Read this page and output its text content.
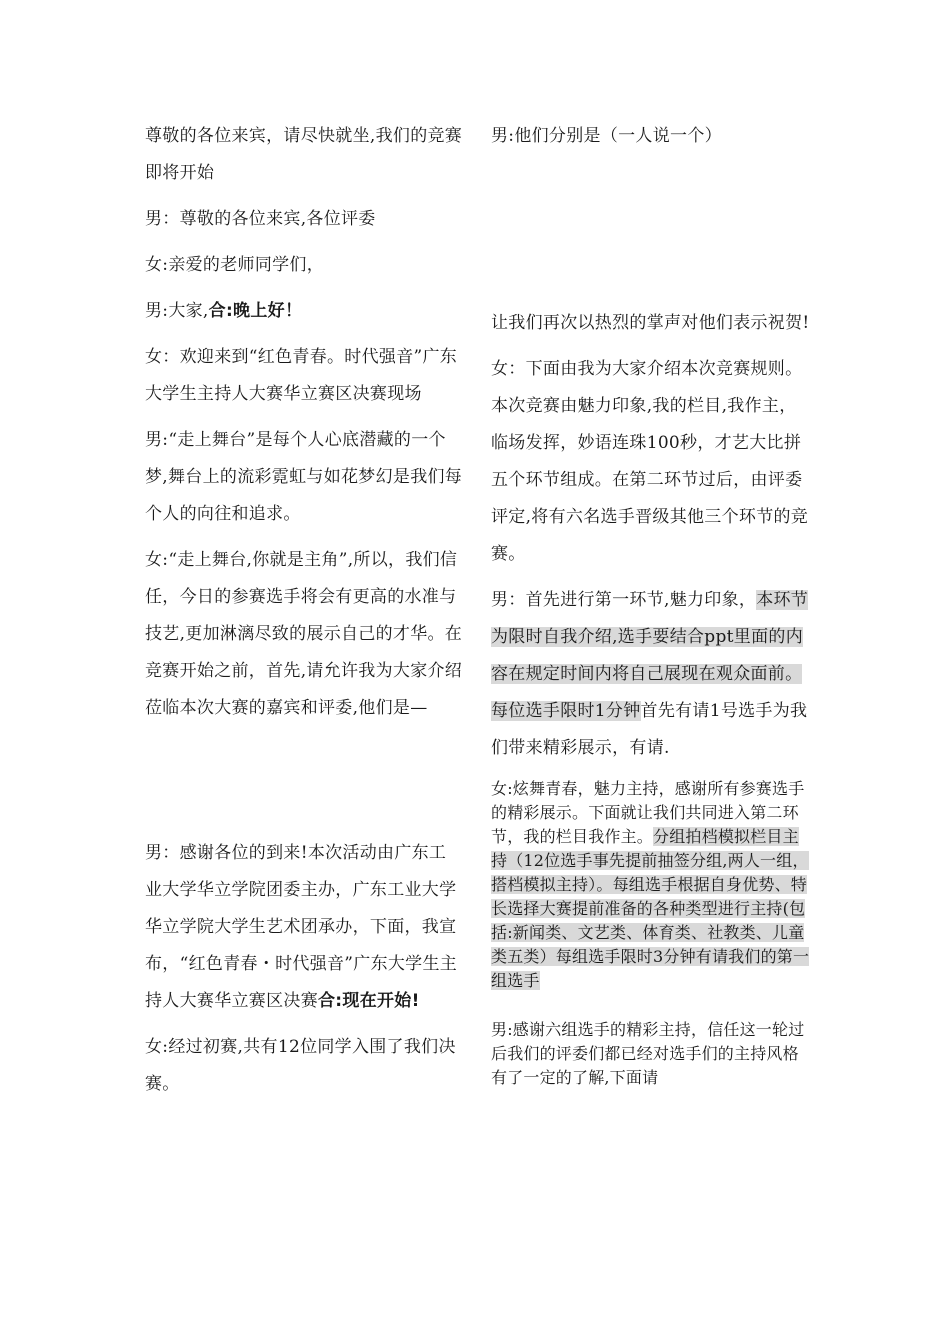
尊敬的各位来宾，请尽快就坐,我们的竞赛即将开始

男：尊敬的各位来宾,各位评委

女:亲爱的老师同学们，

男:大家,合:晚上好！

女：欢迎来到“红色青春。时代强音”广东大学生主持人大赛华立赛区决赛现场

男:“走上舞台”是每个人心底潜藏的一个梦,舞台上的流彩霓虹与如花梦幻是我们每个人的向往和追求。

女:“走上舞台,你就是主角”,所以，我们信任，今日的参赛选手将会有更高的水准与技艺,更加淋漓尽致的展示自己的才华。在竞赛开始之前，首先,请允许我为大家介绍莅临本次大赛的嘉宾和评委,他们是—

男：感谢各位的到来!本次活动由广东工业大学华立学院团委主办，广东工业大学华立学院大学生艺术团承办，下面，我宣布，“红色青春・时代强音”广东大学生主持人大赛华立赛区决赛合:现在开始!

女:经过初赛,共有12位同学入围了我们决赛。

男:他们分别是（一人说一个）

让我们再次以热烈的掌声对他们表示祝贺!

女：下面由我为大家介绍本次竞赛规则。本次竞赛由魅力印象,我的栏目,我作主，临场发挥，妙语连珠100秒，才艺大比拼五个环节组成。在第二环节过后，由评委评定,将有六名选手晋级其他三个环节的竞赛。

男：首先进行第一环节,魅力印象，本环节为限时自我介绍,选手要结合ppt里面的内容在规定时间内将自己展现在观众面前。每位选手限时1分钟首先有请1号选手为我们带来精彩展示，有请.

女:炫舞青春，魅力主持，感谢所有参赛选手的精彩展示。下面就让我们共同进入第二环节，我的栏目我作主。分组拍档模拟栏目主持（12位选手事先提前抽签分组,两人一组，搭档模拟主持）。每组选手根据自身优势、特长选择大赛提前准备的各种类型进行主持(包括:新闻类、文艺类、体育类、社教类、儿童类五类）每组选手限时3分钟有请我们的第一组选手

男:感谢六组选手的精彩主持，信任这一轮过后我们的评委们都已经对选手们的主持风格有了一定的了解,下面请
